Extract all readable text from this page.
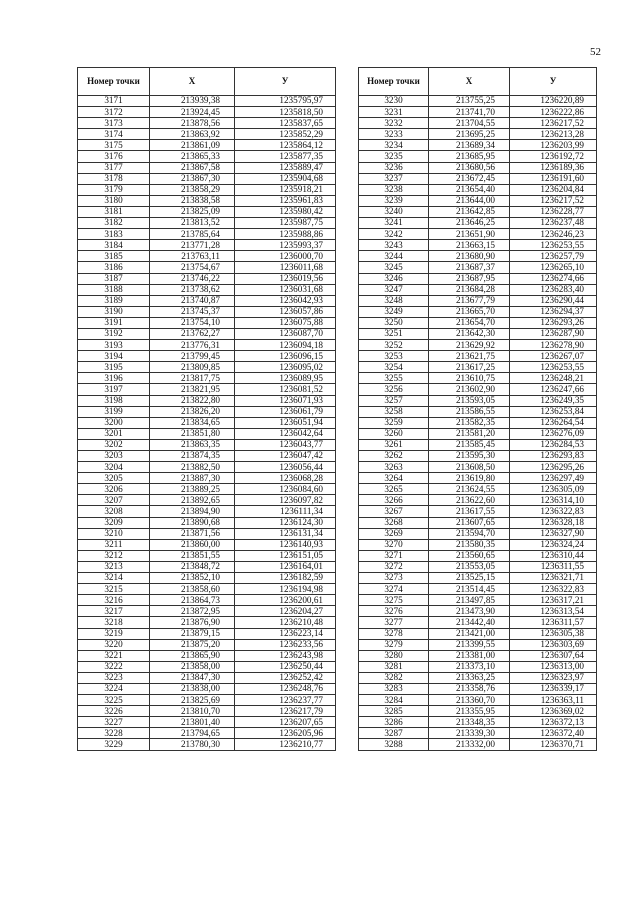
52
Номер точки	X	У
3171	213939,38	1235795,97
3172	213924,45	1235818,50
3173	213878,56	1235837,65
3174	213863,92	1235852,29
3175	213861,09	1235864,12
3176	213865,33	1235877,35
3177	213867,58	1235889,47
3178	213867,30	1235904,68
3179	213858,29	1235918,21
3180	213838,58	1235961,83
3181	213825,09	1235980,42
3182	213813,52	1235987,75
3183	213785,64	1235988,86
3184	213771,28	1235993,37
3185	213763,11	1236000,70
3186	213754,67	1236011,68
3187	213746,22	1236019,56
3188	213738,62	1236031,68
3189	213740,87	1236042,93
3190	213745,37	1236057,86
3191	213754,10	1236075,88
3192	213762,27	1236087,70
3193	213776,31	1236094,18
3194	213799,45	1236096,15
3195	213809,85	1236095,02
3196	213817,75	1236089,95
3197	213821,95	1236081,52
3198	213822,80	1236071,93
3199	213826,20	1236061,79
3200	213834,65	1236051,94
3201	213851,80	1236042,64
3202	213863,35	1236043,77
3203	213874,35	1236047,42
3204	213882,50	1236056,44
3205	213887,30	1236068,28
3206	213889,25	1236084,60
3207	213892,65	1236097,82
3208	213894,90	1236111,34
3209	213890,68	1236124,30
3210	213871,56	1236131,34
3211	213860,00	1236140,93
3212	213851,55	1236151,05
3213	213848,72	1236164,01
3214	213852,10	1236182,59
3215	213858,60	1236194,98
3216	213864,73	1236200,61
3217	213872,95	1236204,27
3218	213876,90	1236210,48
3219	213879,15	1236223,14
3220	213875,20	1236233,56
3221	213865,90	1236243,98
3222	213858,00	1236250,44
3223	213847,30	1236252,42
3224	213838,00	1236248,76
3225	213825,69	1236237,77
3226	213810,70	1236217,79
3227	213801,40	1236207,65
3228	213794,65	1236205,96
3229	213780,30	1236210,77
Номер точки	X	У
3230	213755,25	1236220,89
3231	213741,70	1236222,86
3232	213704,55	1236217,52
3233	213695,25	1236213,28
3234	213689,34	1236203,99
3235	213685,95	1236192,72
3236	213680,56	1236189,36
3237	213672,45	1236191,60
3238	213654,40	1236204,84
3239	213644,00	1236217,52
3240	213642,85	1236228,77
3241	213646,25	1236237,48
3242	213651,90	1236246,23
3243	213663,15	1236253,55
3244	213680,90	1236257,79
3245	213687,37	1236265,10
3246	213687,95	1236274,66
3247	213684,28	1236283,40
3248	213677,79	1236290,44
3249	213665,70	1236294,37
3250	213654,70	1236293,26
3251	213642,30	1236287,90
3252	213629,92	1236278,90
3253	213621,75	1236267,07
3254	213617,25	1236253,55
3255	213610,75	1236248,21
3256	213602,90	1236247,66
3257	213593,05	1236249,35
3258	213586,55	1236253,84
3259	213582,35	1236264,54
3260	213581,20	1236276,09
3261	213585,45	1236284,53
3262	213595,30	1236293,83
3263	213608,50	1236295,26
3264	213619,80	1236297,49
3265	213624,55	1236305,09
3266	213622,60	1236314,10
3267	213617,55	1236322,83
3268	213607,65	1236328,18
3269	213594,70	1236327,90
3270	213580,35	1236324,24
3271	213560,65	1236310,44
3272	213553,05	1236311,55
3273	213525,15	1236321,71
3274	213514,45	1236322,83
3275	213497,85	1236317,21
3276	213473,90	1236313,54
3277	213442,40	1236311,57
3278	213421,00	1236305,38
3279	213399,55	1236303,69
3280	213381,00	1236307,64
3281	213373,10	1236313,00
3282	213363,25	1236323,97
3283	213358,76	1236339,17
3284	213360,70	1236363,11
3285	213355,95	1236369,02
3286	213348,35	1236372,13
3287	213339,30	1236372,40
3288	213332,00	1236370,71
